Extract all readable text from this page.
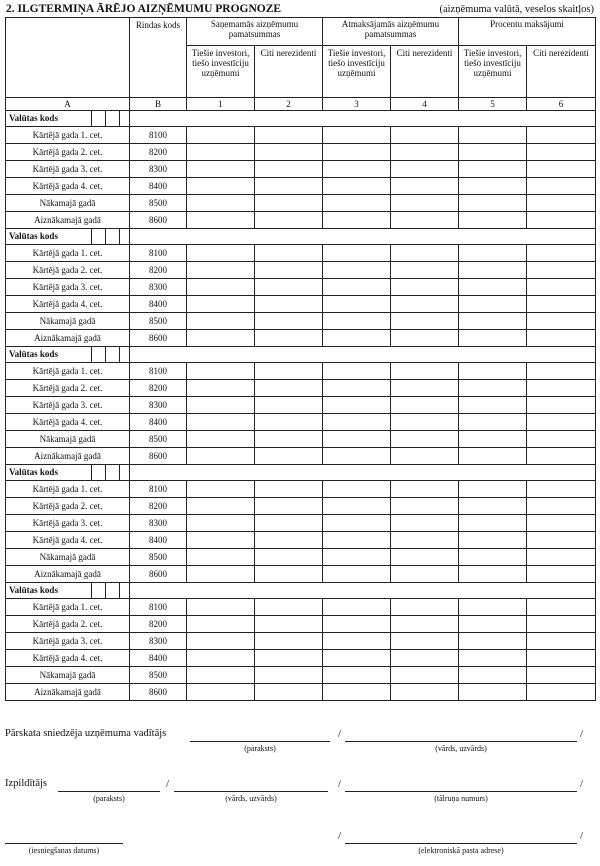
2. ILGTERMIŅA ĀRĒJO AIZŅĒMUMU PROGNOZE	(aizņēmuma valūtā, veselos skaitļos)
	Rindas kods	Saņemamās aizņēmumu pamatsummas		Atmaksājamās aizņēmumu pamatsummas		Procentu maksājumi	
		Tiešie investori, tiešo investīciju uzņēmumi	Citi nerezidenti	Tiešie investori, tiešo investīciju uzņēmumi	Citi nerezidenti	Tiešie investori, tiešo investīciju uzņēmumi	Citi nerezidenti
A	B	1	2	3	4	5	6

Valūtas kods							

Kārtējā gada 1. cet.	8100						
Kārtējā gada 2. cet.	8200						
Kārtējā gada 3. cet.	8300						
Kārtējā gada 4. cet.	8400						
Nākamajā gadā	8500						
Aiznākamajā gadā	8600						

Valūtas kods							

Kārtējā gada 1. cet.	8100						
Kārtējā gada 2. cet.	8200						
Kārtējā gada 3. cet.	8300						
Kārtējā gada 4. cet.	8400						
Nākamajā gadā	8500						
Aiznākamajā gadā	8600						

Valūtas kods							

Kārtējā gada 1. cet.	8100						
Kārtējā gada 2. cet.	8200						
Kārtējā gada 3. cet.	8300						
Kārtējā gada 4. cet.	8400						
Nākamajā gadā	8500						
Aiznākamajā gadā	8600						

Valūtas kods							

Kārtējā gada 1. cet.	8100						
Kārtējā gada 2. cet.	8200						
Kārtējā gada 3. cet.	8300						
Kārtējā gada 4. cet.	8400						
Nākamajā gadā	8500						
Aiznākamajā gadā	8600						

Valūtas kods							

Kārtējā gada 1. cet.	8100						
Kārtējā gada 2. cet.	8200						
Kārtējā gada 3. cet.	8300						
Kārtējā gada 4. cet.	8400						
Nākamajā gadā	8500						
Aiznākamajā gadā	8600						
Pārskata sniedzēja uzņēmuma vadītājs
(paraksts)
/	/
(vārds, uzvārds)
Izpildītājs
(paraksts)
/
(vārds, uzvārds)
/	/
(tālruņa numurs)
(iesniegšanas datums)
/	/
(elektroniskā pasta adrese)
